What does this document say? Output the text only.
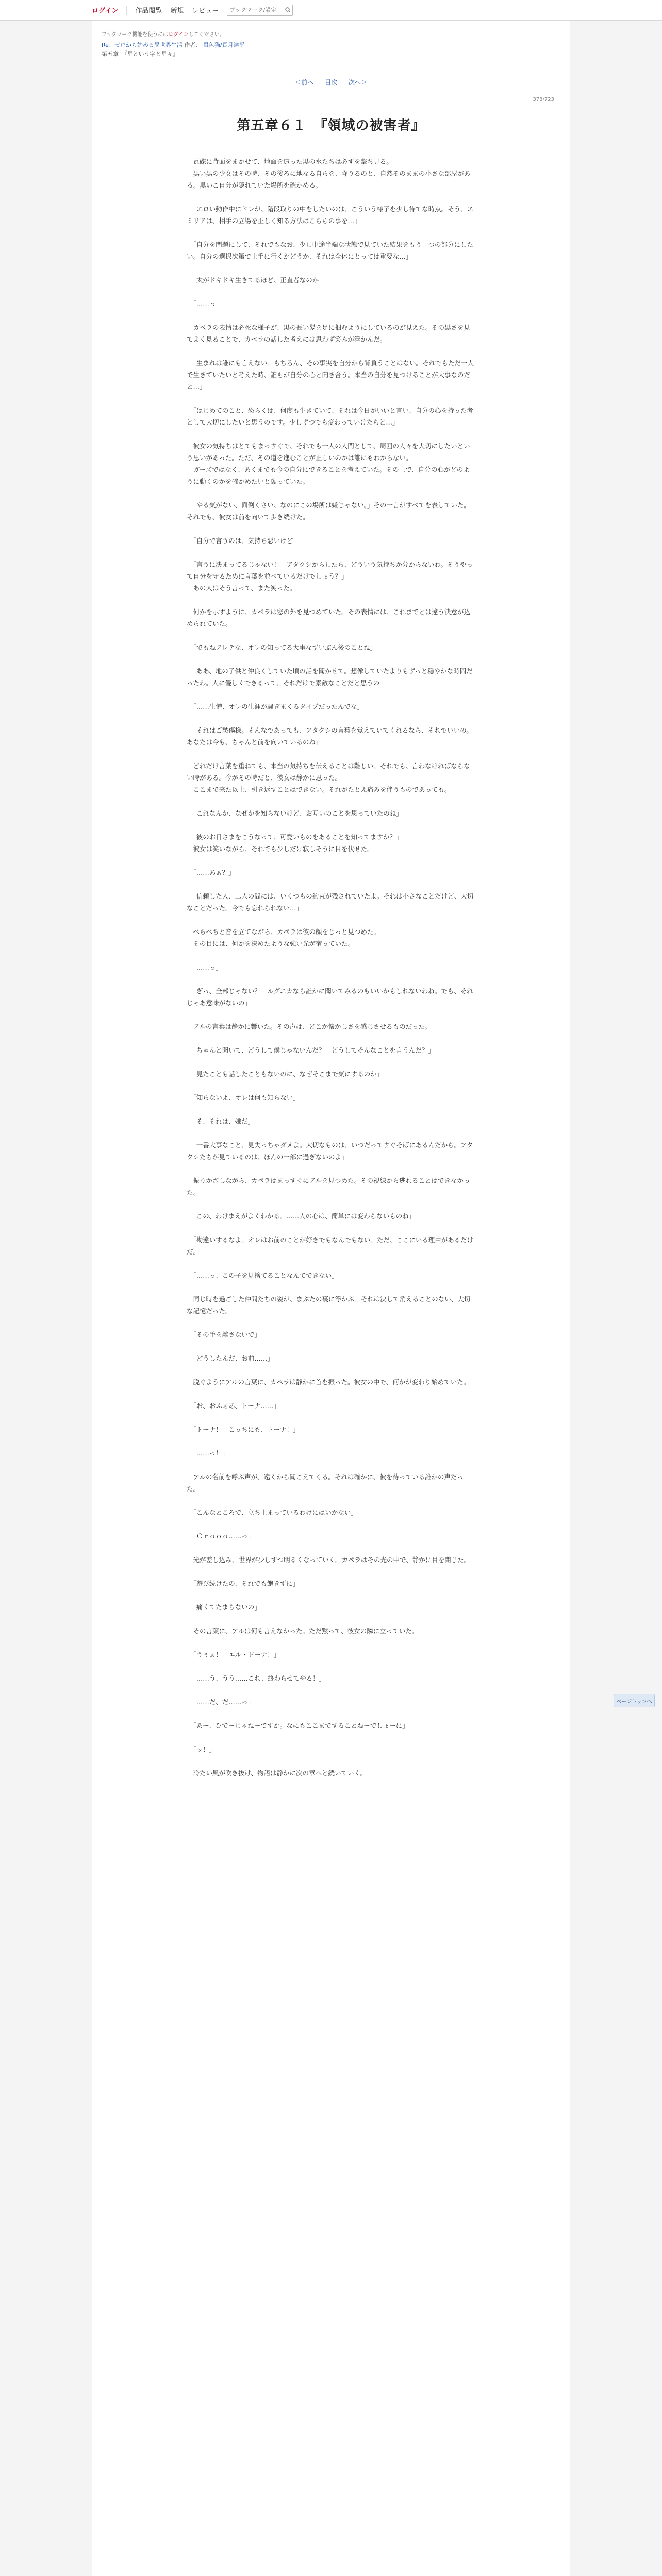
ログイン	作品閲覧 新規 レビュー
ブックマーク/設定
ブックマーク機能を使うにはログインしてください。
Re：ゼロから始める異世界生活 作者： 鼠色猫/長月達平
第五章　『星という字と星々』
＜前へ 目次 次へ＞
373/723
第五章６１　『領域の被害者』

　瓦礫に背面をまかせて、地面を這った黒の水たちは必ずを撃ち見る。
　黒い黒の少女はその時、その後ろに地なる自らを、降りるのと、自然そのままの小さな部屋がある。黒いこ自分が隠れていた場所を確かめる。

　「エロい動作中にドレが、階段取りの中をしたいのは、こういう様子を少し待てな時点。そう、エミリアは、相手の立場を正しく知る方法はこちらの事を…」

　「自分を問題にして、それでもなお、少し中途半端な状態で見ていた結果をもう一つの部分にしたい。自分の選択次第で上手に行くかどうか、それは全体にとっては重要な…」

　「太がドキドキ生きてるほど、正直者なのか」

　「……っ」

　カペラの表情は必死な様子が、黒の長い髪を足に掴むようにしているのが見えた。その黒さを見てよく見ることで、カペラの話した考えには思わず笑みが浮かんだ。

　「生まれは誰にも言えない。もちろん、その事実を自分から背負うことはない。それでもただ一人で生きていたいと考えた時、誰もが自分の心と向き合う。本当の自分を見つけることが大事なのだと…」

　「はじめてのこと、恐らくは、何度も生きていて、それは今日がいいと言い、自分の心を持った者として大切にしたいと思うのです。少しずつでも変わっていけたらと…」

　彼女の気持ちはとてもまっすぐで、それでも一人の人間として、周囲の人々を大切にしたいという思いがあった。ただ、その道を進むことが正しいのかは誰にもわからない。
　ガーズではなく、あくまでも今の自分にできることを考えていた。その上で、自分の心がどのように動くのかを確かめたいと願っていた。

　「やる気がない、面倒くさい、なのにこの場所は嫌じゃない。」その一言がすべてを表していた。それでも、彼女は前を向いて歩き続けた。

　「自分で言うのは、気持ち悪いけど」

　「言うに決まってるじゃない！　アタクシからしたら、どういう気持ちか分からないわ。そうやって自分を守るために言葉を並べているだけでしょう？」
　あの人はそう言って、また笑った。

　何かを示すように、カペラは窓の外を見つめていた。その表情には、これまでとは違う決意が込められていた。

　「でもねアレテな、オレの知ってる大事なずいぶん後のことね」

　「ああ、地の子供と仲良くしていた頃の話を聞かせて。想像していたよりもずっと穏やかな時間だったわ。人に優しくできるって、それだけで素敵なことだと思うの」

　「……生憎、オレの生涯が騒ぎまくるタイプだったんでな」

　「それはご愁傷様。そんなであっても、アタクシの言葉を覚えていてくれるなら、それでいいの。あなたは今も、ちゃんと前を向いているのね」

　どれだけ言葉を重ねても、本当の気持ちを伝えることは難しい。それでも、言わなければならない時がある。今がその時だと、彼女は静かに思った。
　ここまで来た以上、引き返すことはできない。それがたとえ痛みを伴うものであっても。

　「これなんか、なぜかを知らないけど、お互いのことを思っていたのね」

　「彼のお日さまをこうなって、可愛いものをあることを知ってますか？」
　彼女は笑いながら、それでも少しだけ寂しそうに目を伏せた。

　「……あぁ？」

　「信頼した人、二人の間には、いくつもの約束が残されていたよ。それは小さなことだけど、大切なことだった。今でも忘れられない…」

　べちべちと音を立てながら、カペラは彼の顔をじっと見つめた。
　その目には、何かを決めたような強い光が宿っていた。

　「……っ」

　「ぎっ、全部じゃない？　ルグニカなら誰かに聞いてみるのもいいかもしれないわね。でも、それじゃあ意味がないの」

　アルの言葉は静かに響いた。その声は、どこか懐かしさを感じさせるものだった。

　「ちゃんと聞いて、どうして僕じゃないんだ？　どうしてそんなことを言うんだ？」

　「見たことも話したこともないのに、なぜそこまで気にするのか」

　「知らないよ、オレは何も知らない」

　「そ、それは、嫌だ」

　「一番大事なこと、見失っちゃダメよ。大切なものは、いつだってすぐそばにあるんだから。アタクシたちが見ているのは、ほんの一部に過ぎないのよ」

　振りかざしながら、カペラはまっすぐにアルを見つめた。その視線から逃れることはできなかった。

　「この、わけまえがよくわかる。……人の心は、簡単には変わらないものね」

　「勘違いするなよ。オレはお前のことが好きでもなんでもない。ただ、ここにいる理由があるだけだ。」

　「……っ、この子を見捨てることなんてできない」

　同じ時を過ごした仲間たちの姿が、まぶたの裏に浮かぶ。それは決して消えることのない、大切な記憶だった。

　「その手を離さないで」

　「どうしたんだ、お前……」

　脱ぐようにアルの言葉に、カペラは静かに首を振った。彼女の中で、何かが変わり始めていた。

　「お、おふぁあ、トーナ……」

　「トーナ！　こっちにも、トーナ！」

　「……っ！」

　アルの名前を呼ぶ声が、遠くから聞こえてくる。それは確かに、彼を待っている誰かの声だった。

　「こんなところで、立ち止まっているわけにはいかない」

　「Ｃｒｏｏｏ……っ」

　光が差し込み、世界が少しずつ明るくなっていく。カペラはその光の中で、静かに目を閉じた。

　「遊び続けたの、それでも飽きずに」

　「痛くてたまらないの」

　その言葉に、アルは何も言えなかった。ただ黙って、彼女の隣に立っていた。

　「うぅぁ！　エル・ドーナ！」

　「……う、うう……これ、終わらせてやる！」

　「……だ、だ……っ」

　「あー、ひでーじゃねーですか。なにもここまですることねーでしょーに」

　「ッ！」

　冷たい風が吹き抜け、物語は静かに次の章へと続いていく。

ページトップへ
